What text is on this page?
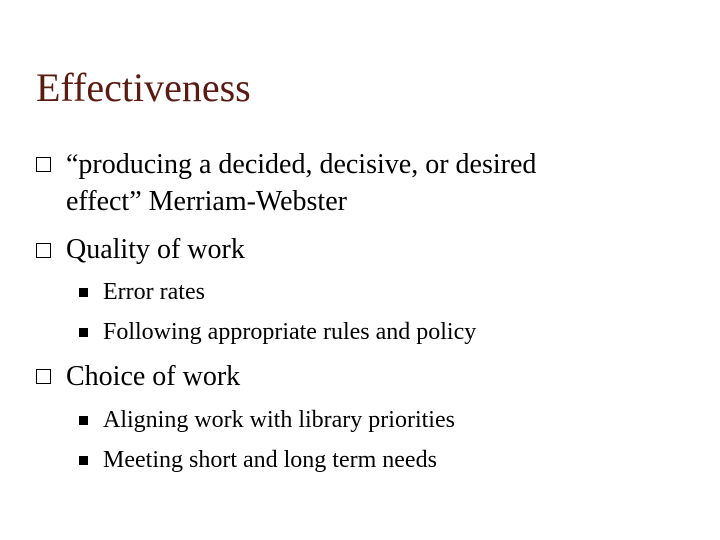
Effectiveness
“producing a decided, decisive, or desired
effect” Merriam-Webster
Quality of work
Error rates
Following appropriate rules and policy
Choice of work
Aligning work with library priorities
Meeting short and long term needs
